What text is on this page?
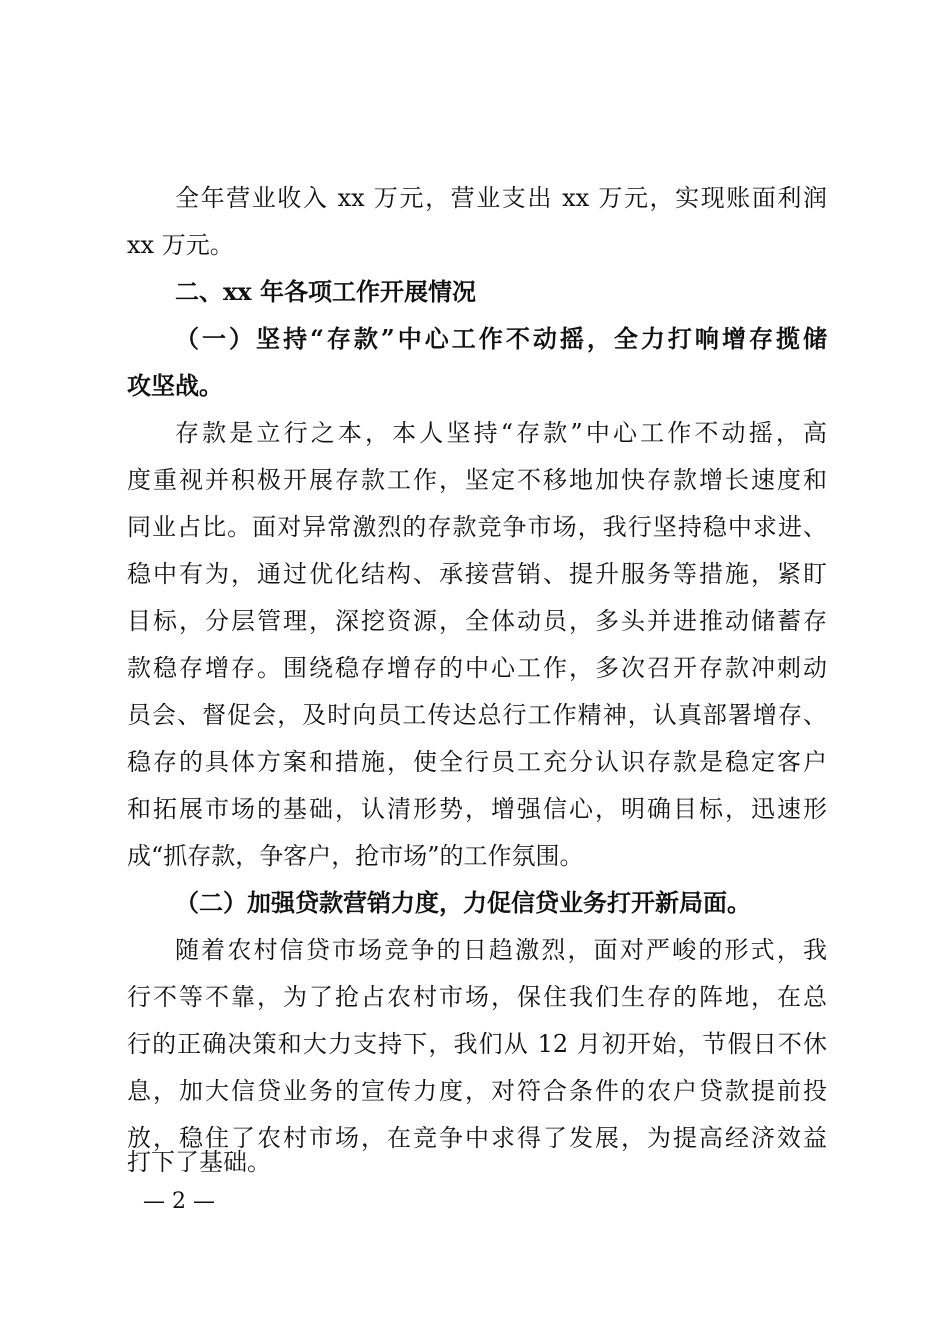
全年营业收入 xx 万元，营业支出 xx 万元，实现账面利润
xx 万元。
二、xx 年各项工作开展情况
（一）坚持“存款”中心工作不动摇，全力打响增存揽储
攻坚战。
存款是立行之本，本人坚持“存款”中心工作不动摇，高
度重视并积极开展存款工作，坚定不移地加快存款增长速度和
同业占比。面对异常激烈的存款竞争市场，我行坚持稳中求进、
稳中有为，通过优化结构、承接营销、提升服务等措施，紧盯
目标，分层管理，深挖资源，全体动员，多头并进推动储蓄存
款稳存增存。围绕稳存增存的中心工作，多次召开存款冲刺动
员会、督促会，及时向员工传达总行工作精神，认真部署增存、
稳存的具体方案和措施，使全行员工充分认识存款是稳定客户
和拓展市场的基础，认清形势，增强信心，明确目标，迅速形
成“抓存款，争客户，抢市场”的工作氛围。
（二）加强贷款营销力度，力促信贷业务打开新局面。
随着农村信贷市场竞争的日趋激烈，面对严峻的形式，我
行不等不靠，为了抢占农村市场，保住我们生存的阵地，在总
行的正确决策和大力支持下，我们从 12 月初开始，节假日不休
息，加大信贷业务的宣传力度，对符合条件的农户贷款提前投
放，稳住了农村市场，在竞争中求得了发展，为提高经济效益
打下了基础。
— 2 —
